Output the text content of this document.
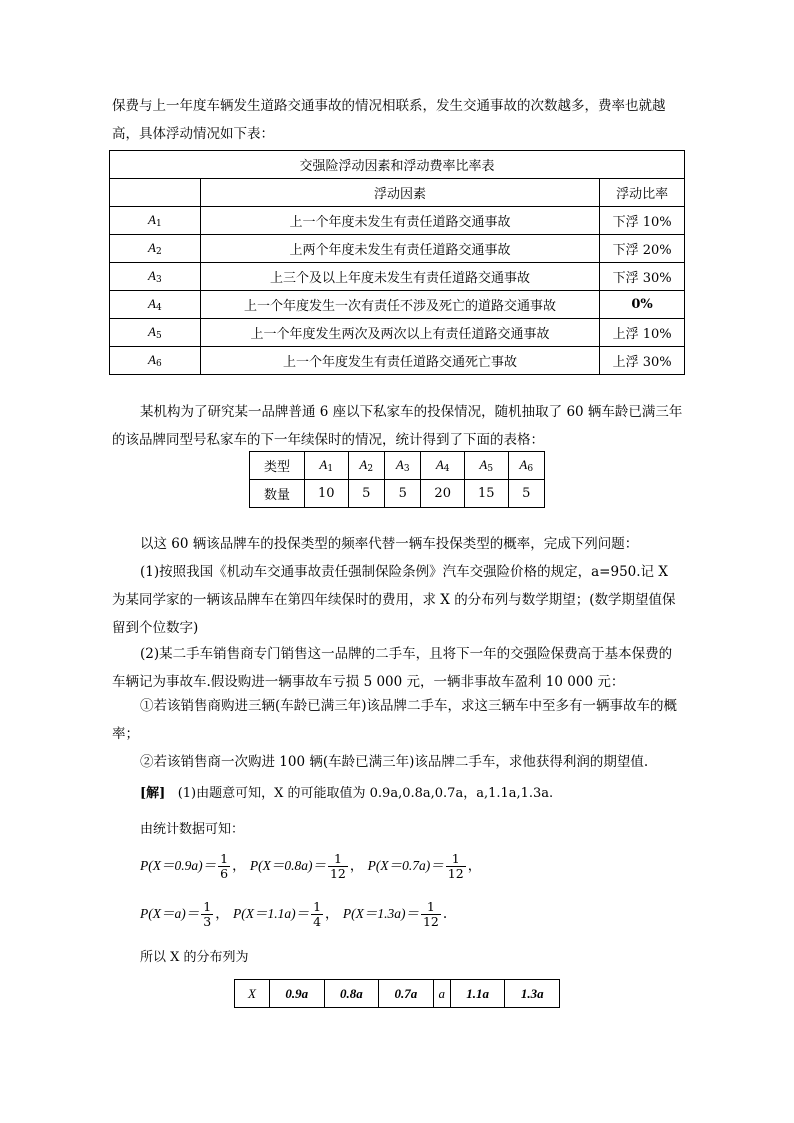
保费与上一年度车辆发生道路交通事故的情况相联系，发生交通事故的次数越多，费率也就越高，具体浮动情况如下表：

交强险浮动因素和浮动费率比率表		
	浮动因素	浮动比率
$A_1$	上一个年度未发生有责任道路交通事故	下浮 10%
$A_2$	上两个年度未发生有责任道路交通事故	下浮 20%
$A_3$	上三个及以上年度未发生有责任道路交通事故	下浮 30%
$A_4$	上一个年度发生一次有责任不涉及死亡的道路交通事故	0%
$A_5$	上一个年度发生两次及两次以上有责任道路交通事故	上浮 10%
$A_6$	上一个年度发生有责任道路交通死亡事故	上浮 30%

某机构为了研究某一品牌普通 6 座以下私家车的投保情况，随机抽取了 60 辆车龄已满三年的该品牌同型号私家车的下一年续保时的情况，统计得到了下面的表格：

类型	$A_1$	$A_2$	$A_3$	$A_4$	$A_5$	$A_6$
数量	10	5	5	20	15	5

以这 60 辆该品牌车的投保类型的频率代替一辆车投保类型的概率，完成下列问题：

(1)按照我国《机动车交通事故责任强制保险条例》汽车交强险价格的规定，a=950.记 X 为某同学家的一辆该品牌车在第四年续保时的费用，求 X 的分布列与数学期望；(数学期望值保留到个位数字)

(2)某二手车销售商专门销售这一品牌的二手车，且将下一年的交强险保费高于基本保费的车辆记为事故车.假设购进一辆事故车亏损 5 000 元，一辆非事故车盈利 10 000 元：

①若该销售商购进三辆(车龄已满三年)该品牌二手车，求这三辆车中至多有一辆事故车的概率；

②若该销售商一次购进 100 辆(车龄已满三年)该品牌二手车，求他获得利润的期望值.

[解] (1)由题意可知，X 的可能取值为 0.9a,0.8a,0.7a，a,1.1a,1.3a.

由统计数据可知：

$P(X=0.9a)= \frac{1}{6}$ ， $P(X=0.8a)= \frac{1}{12}$ ， $P(X=0.7a)= \frac{1}{12}$ ，
$P(X=a)= \frac{1}{3}$ ， $P(X=1.1a)= \frac{1}{4}$ ， $P(X=1.3a)= \frac{1}{12}$ .

所以 X 的分布列为

X	0.9a	0.8a	0.7a	a	1.1a	1.3a
